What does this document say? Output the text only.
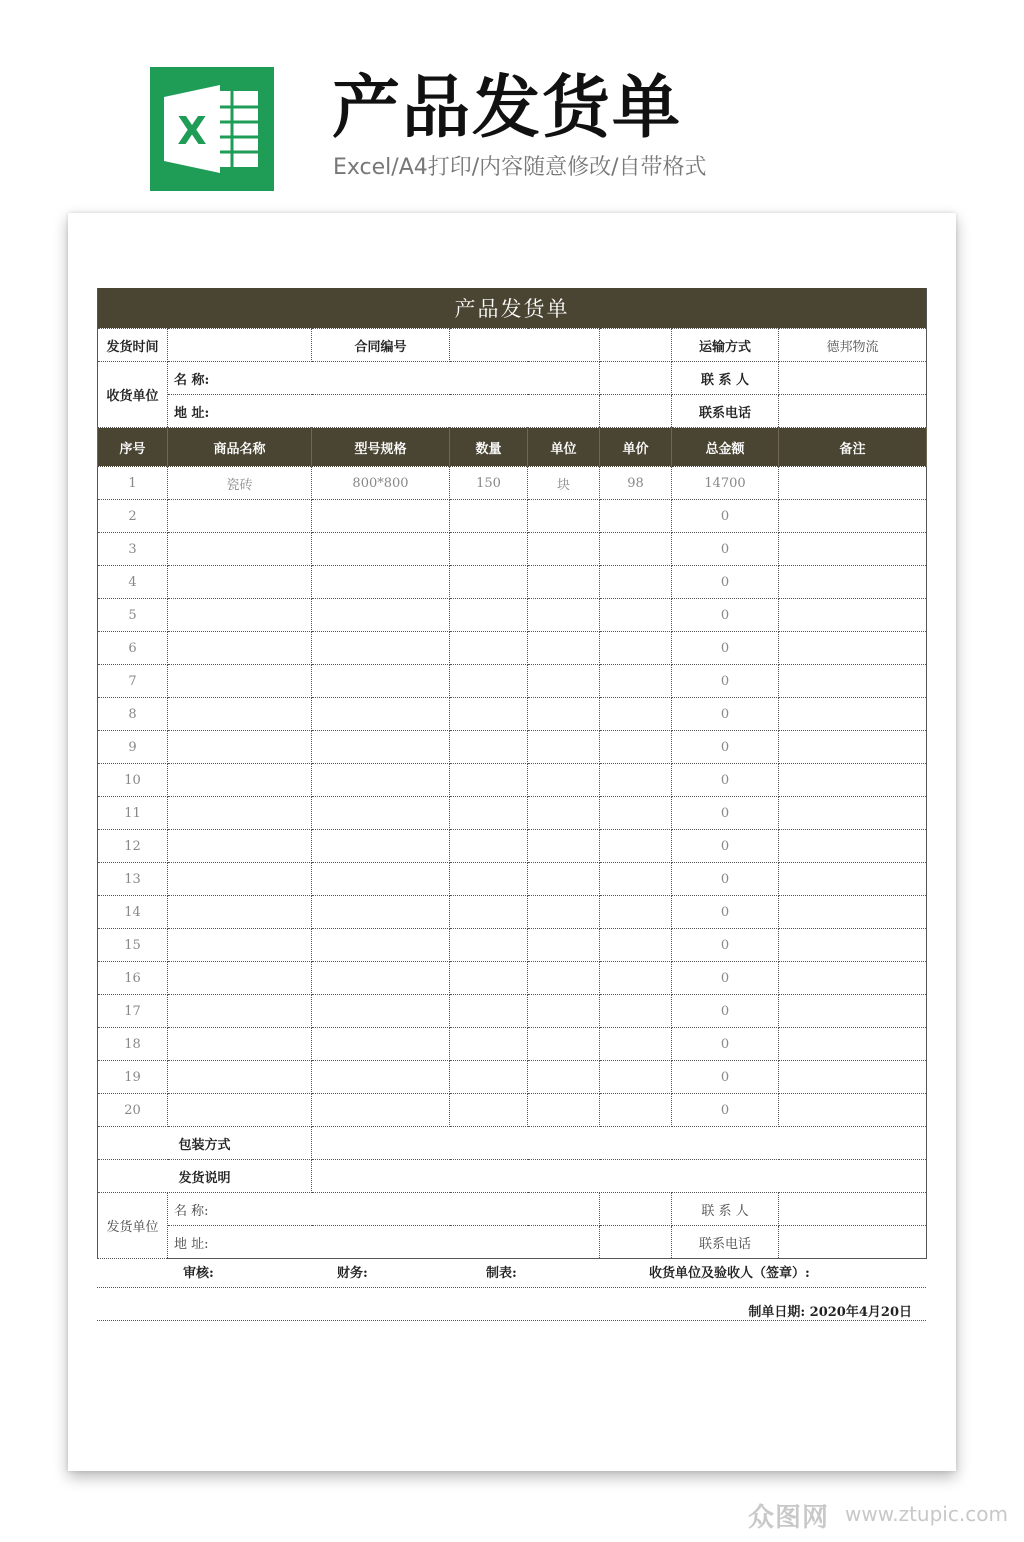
X 产品发货单
Excel/A4打印/内容随意修改/自带格式
产品发货单							
发货时间		合同编号				运输方式	德邦物流
收货单位	名 称:					联 系 人	
	地 址:					联系电话	
序号	商品名称	型号规格	数量	单位	单价	总金额	备注
1	瓷砖	800*800	150	块	98	14700	
2						0	
3						0	
4						0	
5						0	
6						0	
7						0	
8						0	
9						0	
10						0	
11						0	
12						0	
13						0	
14						0	
15						0	
16						0	
17						0	
18						0	
19						0	
20						0	
包装方式							
发货说明							
发货单位	名 称:					联 系 人	
	地 址:					联系电话	
审核:	财务:	制表:	收货单位及验收人（签章）:
制单日期: 2020年4月20日
众图网 www.ztupic.com
